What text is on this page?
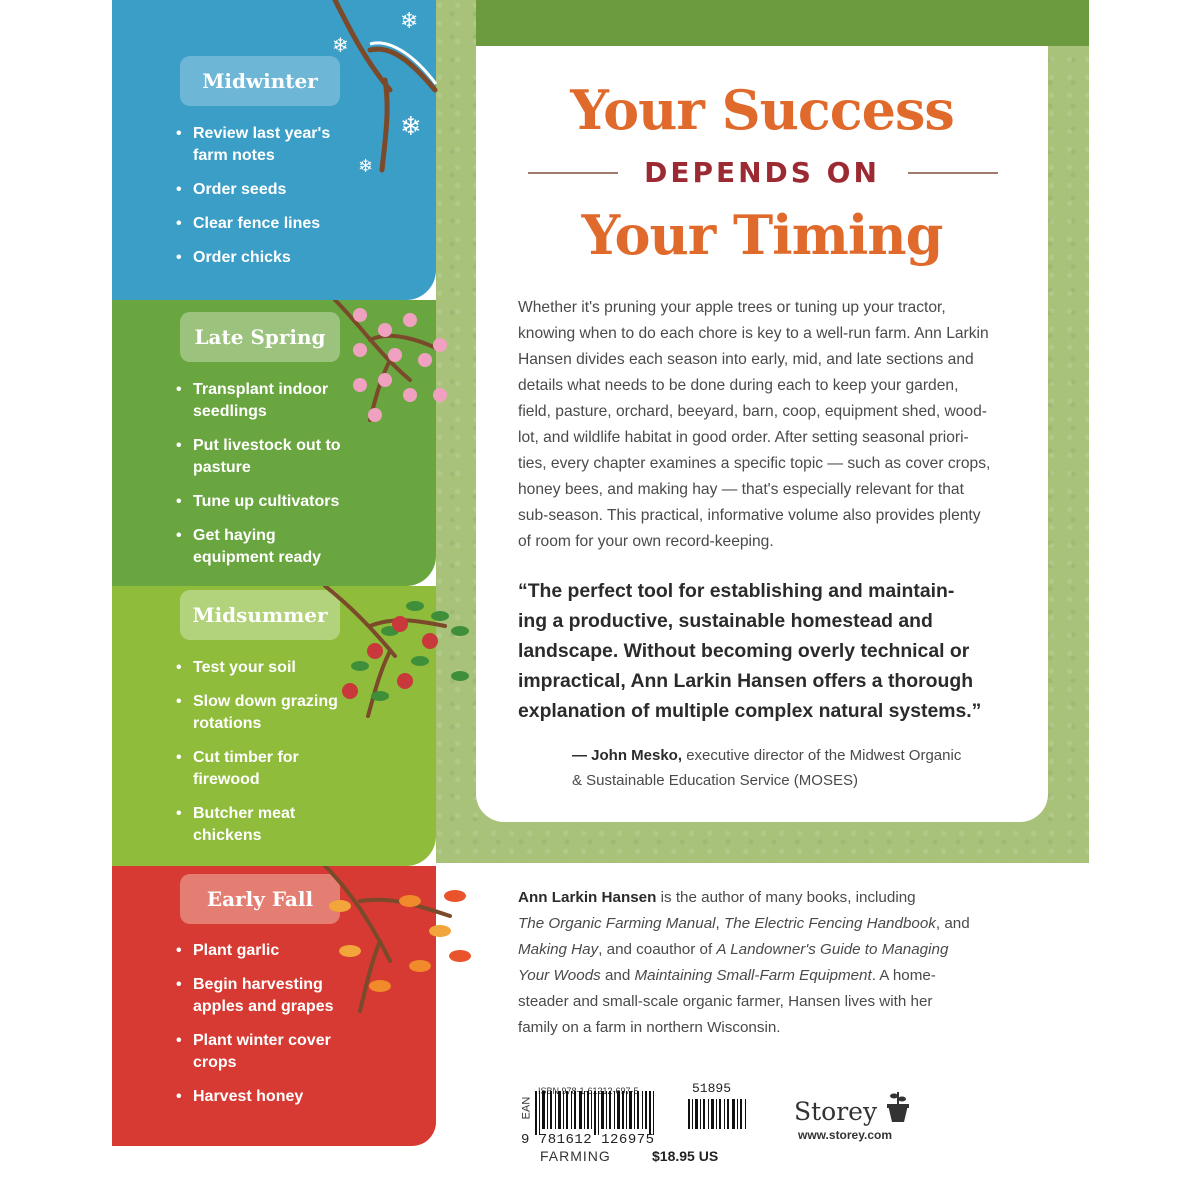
Your Success
DEPENDS ON
Your Timing
Whether it's pruning your apple trees or tuning up your tractor,
knowing when to do each chore is key to a well-run farm. Ann Larkin
Hansen divides each season into early, mid, and late sections and
details what needs to be done during each to keep your garden,
field, pasture, orchard, beeyard, barn, coop, equipment shed, wood-
lot, and wildlife habitat in good order. After setting seasonal priori-
ties, every chapter examines a specific topic — such as cover crops,
honey bees, and making hay — that's especially relevant for that
sub-season. This practical, informative volume also provides plenty
of room for your own record-keeping.
“The perfect tool for establishing and maintain-
ing a productive, sustainable homestead and
landscape. Without becoming overly technical or
impractical, Ann Larkin Hansen offers a thorough
explanation of multiple complex natural systems.”
— John Mesko, executive director of the Midwest Organic
& Sustainable Education Service (MOSES)
Ann Larkin Hansen is the author of many books, including
The Organic Farming Manual, The Electric Fencing Handbook, and
Making Hay, and coauthor of A Landowner's Guide to Managing
Your Woods and Maintaining Small-Farm Equipment. A home-
steader and small-scale organic farmer, Hansen lives with her
family on a farm in northern Wisconsin.
Midwinter
• Review last year's
farm notes
• Order seeds
• Clear fence lines
• Order chicks
Late Spring
• Transplant indoor
seedlings
• Put livestock out to
pasture
• Tune up cultivators
• Get haying
equipment ready
Midsummer
• Test your soil
• Slow down grazing
rotations
• Cut timber for
firewood
• Butcher meat
chickens
Early Fall
• Plant garlic
• Begin harvesting
apples and grapes
• Plant winter cover
crops
• Harvest honey
❄
❄
❄
❄
ISBN 978-1-61212-697-5
EAN
51895
9 781612 126975
FARMING	$18.95 US
Storey
www.storey.com
